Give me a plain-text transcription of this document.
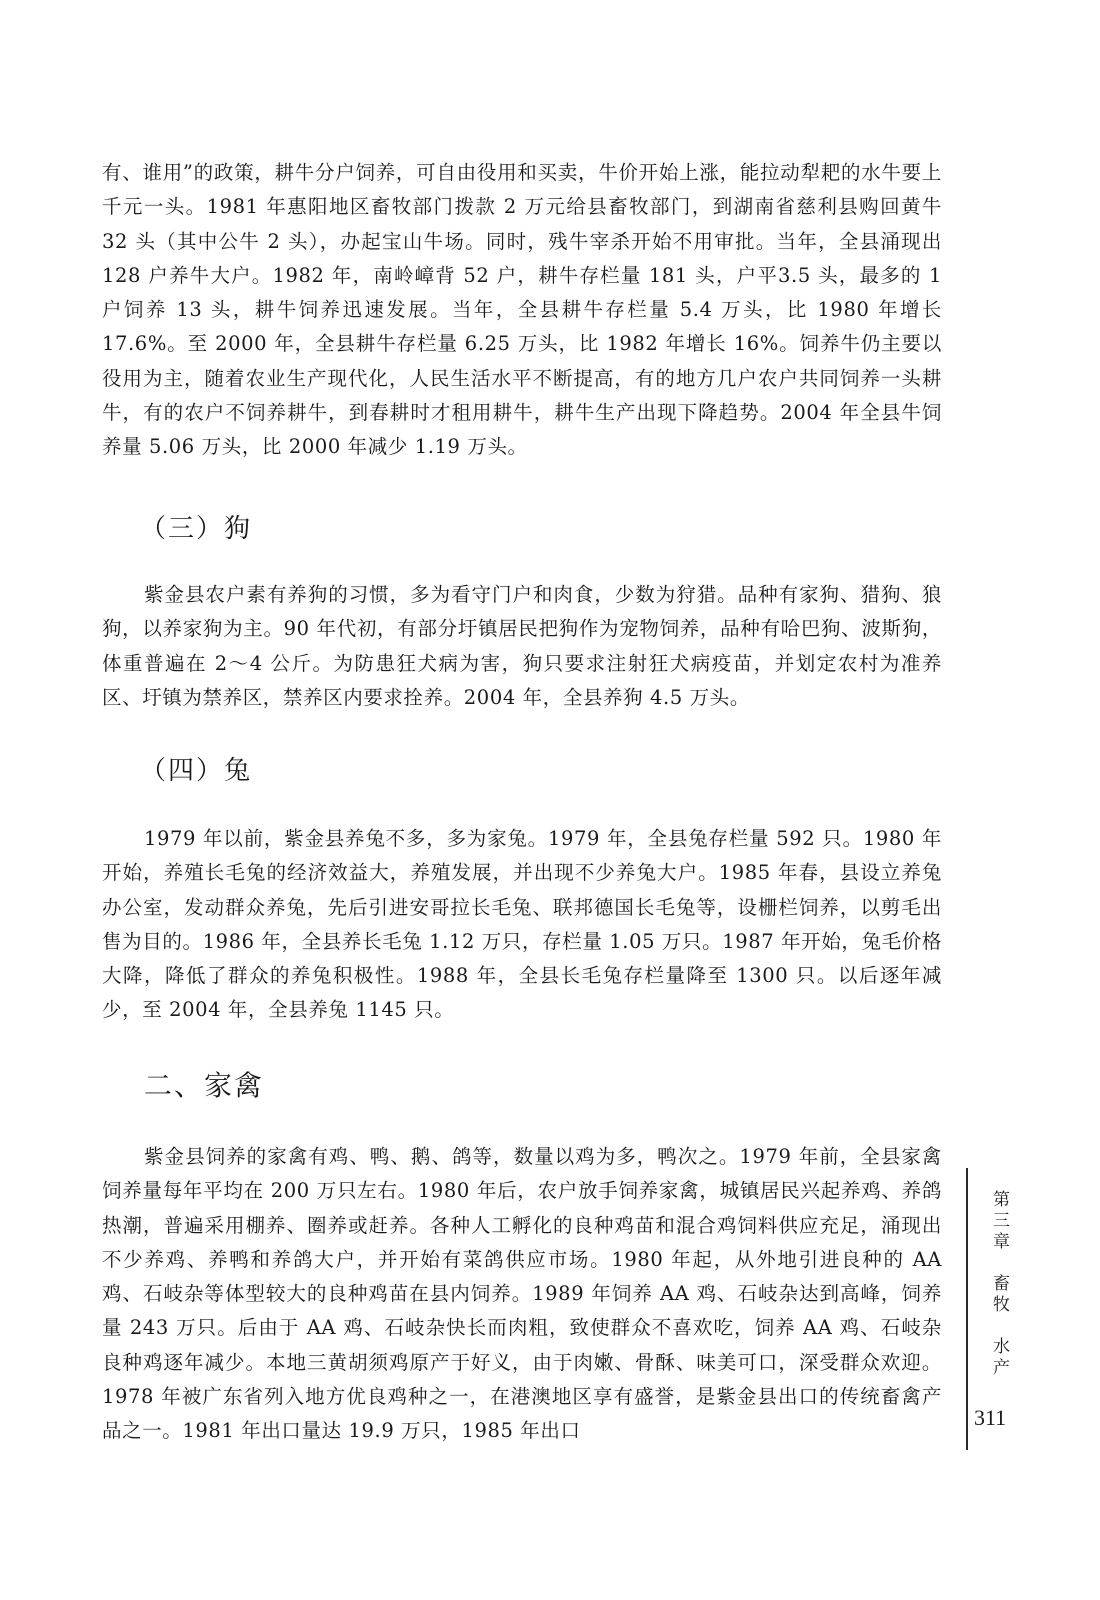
有、谁用”的政策，耕牛分户饲养，可自由役用和买卖，牛价开始上涨，能拉动犁耙的水牛要上千元一头。1981 年惠阳地区畜牧部门拨款 2 万元给县畜牧部门，到湖南省慈利县购回黄牛 32 头（其中公牛 2 头），办起宝山牛场。同时，残牛宰杀开始不用审批。当年，全县涌现出 128 户养牛大户。1982 年，南岭嶂背 52 户，耕牛存栏量 181 头，户平3.5 头，最多的 1 户饲养 13 头，耕牛饲养迅速发展。当年，全县耕牛存栏量 5.4 万头，比 1980 年增长 17.6%。至 2000 年，全县耕牛存栏量 6.25 万头，比 1982 年增长 16%。饲养牛仍主要以役用为主，随着农业生产现代化，人民生活水平不断提高，有的地方几户农户共同饲养一头耕牛，有的农户不饲养耕牛，到春耕时才租用耕牛，耕牛生产出现下降趋势。2004 年全县牛饲养量 5.06 万头，比 2000 年减少 1.19 万头。

（三）狗

紫金县农户素有养狗的习惯，多为看守门户和肉食，少数为狩猎。品种有家狗、猎狗、狼狗，以养家狗为主。90 年代初，有部分圩镇居民把狗作为宠物饲养，品种有哈巴狗、波斯狗，体重普遍在 2～4 公斤。为防患狂犬病为害，狗只要求注射狂犬病疫苗，并划定农村为准养区、圩镇为禁养区，禁养区内要求拴养。2004 年，全县养狗 4.5 万头。

（四）兔

1979 年以前，紫金县养兔不多，多为家兔。1979 年，全县兔存栏量 592 只。1980 年开始，养殖长毛兔的经济效益大，养殖发展，并出现不少养兔大户。1985 年春，县设立养兔办公室，发动群众养兔，先后引进安哥拉长毛兔、联邦德国长毛兔等，设栅栏饲养，以剪毛出售为目的。1986 年，全县养长毛兔 1.12 万只，存栏量 1.05 万只。1987 年开始，兔毛价格大降，降低了群众的养兔积极性。1988 年，全县长毛兔存栏量降至 1300 只。以后逐年减少，至 2004 年，全县养兔 1145 只。

二、家禽

紫金县饲养的家禽有鸡、鸭、鹅、鸽等，数量以鸡为多，鸭次之。1979 年前，全县家禽饲养量每年平均在 200 万只左右。1980 年后，农户放手饲养家禽，城镇居民兴起养鸡、养鸽热潮，普遍采用棚养、圈养或赶养。各种人工孵化的良种鸡苗和混合鸡饲料供应充足，涌现出不少养鸡、养鸭和养鸽大户，并开始有菜鸽供应市场。1980 年起，从外地引进良种的 AA 鸡、石岐杂等体型较大的良种鸡苗在县内饲养。1989 年饲养 AA 鸡、石岐杂达到高峰，饲养量 243 万只。后由于 AA 鸡、石岐杂快长而肉粗，致使群众不喜欢吃，饲养 AA 鸡、石岐杂良种鸡逐年减少。本地三黄胡须鸡原产于好义，由于肉嫩、骨酥、味美可口，深受群众欢迎。1978 年被广东省列入地方优良鸡种之一，在港澳地区享有盛誉，是紫金县出口的传统畜禽产品之一。1981 年出口量达 19.9 万只，1985 年出口

第三章　畜牧　水产
311
